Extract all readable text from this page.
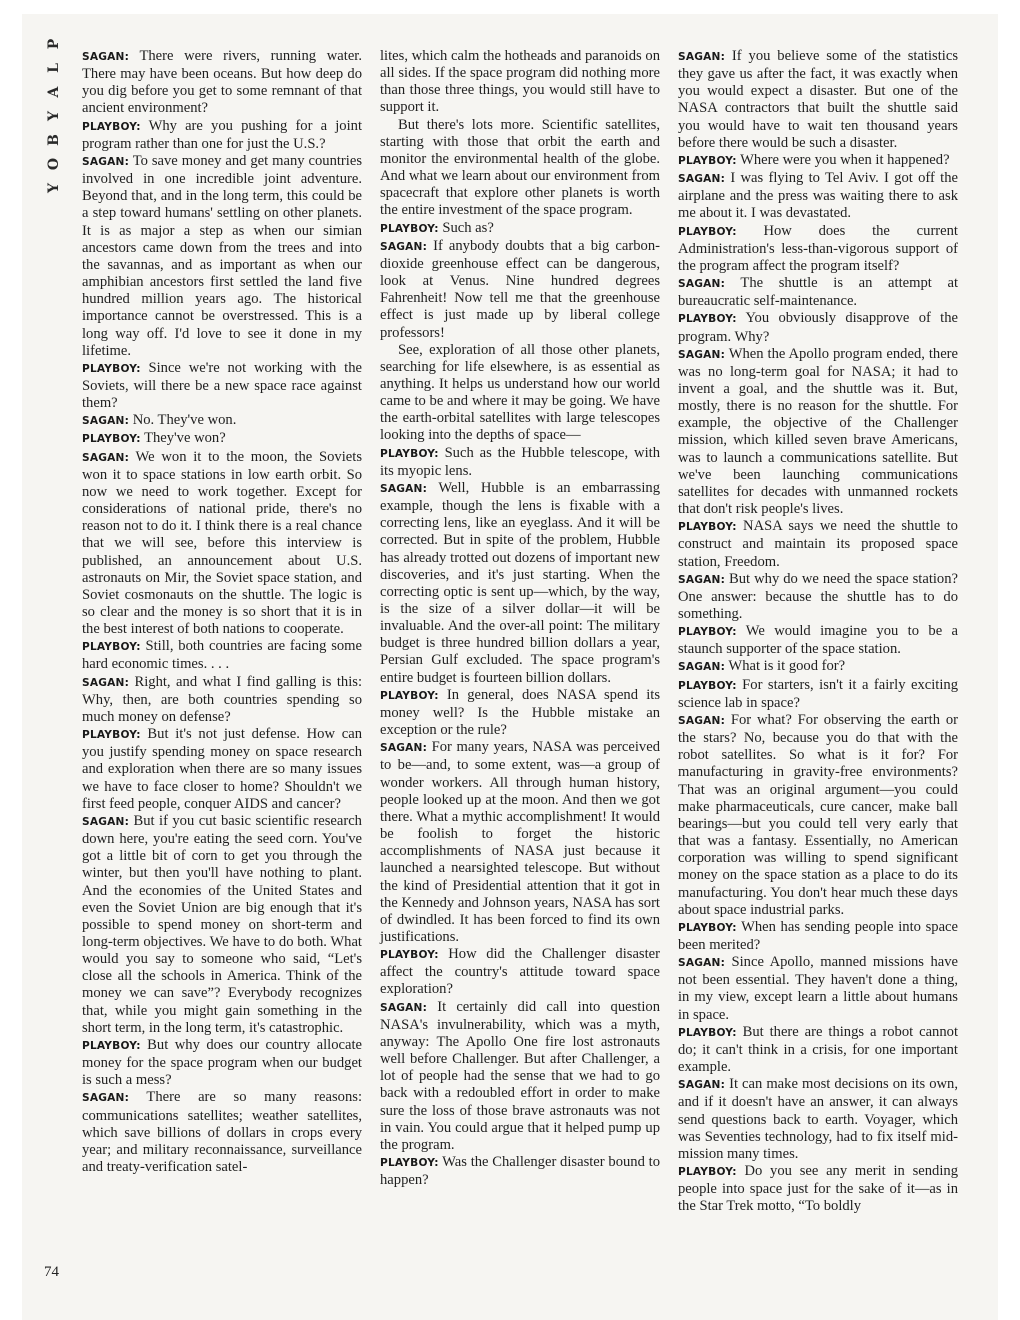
P
L
A
Y
B
O
Y

SAGAN: There were rivers, running water. There may have been oceans. But how deep do you dig before you get to some remnant of that ancient environment?

PLAYBOY: Why are you pushing for a joint program rather than one for just the U.S.?

SAGAN: To save money and get many countries involved in one incredible joint adventure. Beyond that, and in the long term, this could be a step toward humans' settling on other planets. It is as major a step as when our simian ancestors came down from the trees and into the savannas, and as important as when our amphibian ancestors first settled the land five hundred million years ago. The historical importance cannot be overstressed. This is a long way off. I'd love to see it done in my lifetime.

PLAYBOY: Since we're not working with the Soviets, will there be a new space race against them?

SAGAN: No. They've won.

PLAYBOY: They've won?

SAGAN: We won it to the moon, the Soviets won it to space stations in low earth orbit. So now we need to work together. Except for considerations of national pride, there's no reason not to do it. I think there is a real chance that we will see, before this interview is published, an announcement about U.S. astronauts on Mir, the Soviet space station, and Soviet cosmonauts on the shuttle. The logic is so clear and the money is so short that it is in the best interest of both nations to cooperate.

PLAYBOY: Still, both countries are facing some hard economic times. . . .

SAGAN: Right, and what I find galling is this: Why, then, are both countries spending so much money on defense?

PLAYBOY: But it's not just defense. How can you justify spending money on space research and exploration when there are so many issues we have to face closer to home? Shouldn't we first feed people, conquer AIDS and cancer?

SAGAN: But if you cut basic scientific research down here, you're eating the seed corn. You've got a little bit of corn to get you through the winter, but then you'll have nothing to plant. And the economies of the United States and even the Soviet Union are big enough that it's possible to spend money on short-term and long-term objectives. We have to do both. What would you say to someone who said, “Let's close all the schools in America. Think of the money we can save”? Everybody recognizes that, while you might gain something in the short term, in the long term, it's catastrophic.

PLAYBOY: But why does our country allocate money for the space program when our budget is such a mess?

SAGAN: There are so many reasons: communications satellites; weather satellites, which save billions of dollars in crops every year; and military reconnaissance, surveillance and treaty-verification satel-

lites, which calm the hotheads and paranoids on all sides. If the space program did nothing more than those three things, you would still have to support it.

But there's lots more. Scientific satellites, starting with those that orbit the earth and monitor the environmental health of the globe. And what we learn about our environment from spacecraft that explore other planets is worth the entire investment of the space program.

PLAYBOY: Such as?

SAGAN: If anybody doubts that a big carbon-dioxide greenhouse effect can be dangerous, look at Venus. Nine hundred degrees Fahrenheit! Now tell me that the greenhouse effect is just made up by liberal college professors!

See, exploration of all those other planets, searching for life elsewhere, is as essential as anything. It helps us understand how our world came to be and where it may be going. We have the earth-orbital satellites with large telescopes looking into the depths of space—

PLAYBOY: Such as the Hubble telescope, with its myopic lens.

SAGAN: Well, Hubble is an embarrassing example, though the lens is fixable with a correcting lens, like an eyeglass. And it will be corrected. But in spite of the problem, Hubble has already trotted out dozens of important new discoveries, and it's just starting. When the correcting optic is sent up—which, by the way, is the size of a silver dollar—it will be invaluable. And the over-all point: The military budget is three hundred billion dollars a year, Persian Gulf excluded. The space program's entire budget is fourteen billion dollars.

PLAYBOY: In general, does NASA spend its money well? Is the Hubble mistake an exception or the rule?

SAGAN: For many years, NASA was perceived to be—and, to some extent, was—a group of wonder workers. All through human history, people looked up at the moon. And then we got there. What a mythic accomplishment! It would be foolish to forget the historic accomplishments of NASA just because it launched a nearsighted telescope. But without the kind of Presidential attention that it got in the Kennedy and Johnson years, NASA has sort of dwindled. It has been forced to find its own justifications.

PLAYBOY: How did the Challenger disaster affect the country's attitude toward space exploration?

SAGAN: It certainly did call into question NASA's invulnerability, which was a myth, anyway: The Apollo One fire lost astronauts well before Challenger. But after Challenger, a lot of people had the sense that we had to go back with a redoubled effort in order to make sure the loss of those brave astronauts was not in vain. You could argue that it helped pump up the program.

PLAYBOY: Was the Challenger disaster bound to happen?

SAGAN: If you believe some of the statistics they gave us after the fact, it was exactly when you would expect a disaster. But one of the NASA contractors that built the shuttle said you would have to wait ten thousand years before there would be such a disaster.

PLAYBOY: Where were you when it happened?

SAGAN: I was flying to Tel Aviv. I got off the airplane and the press was waiting there to ask me about it. I was devastated.

PLAYBOY: How does the current Administration's less-than-vigorous support of the program affect the program itself?

SAGAN: The shuttle is an attempt at bureaucratic self-maintenance.

PLAYBOY: You obviously disapprove of the program. Why?

SAGAN: When the Apollo program ended, there was no long-term goal for NASA; it had to invent a goal, and the shuttle was it. But, mostly, there is no reason for the shuttle. For example, the objective of the Challenger mission, which killed seven brave Americans, was to launch a communications satellite. But we've been launching communications satellites for decades with unmanned rockets that don't risk people's lives.

PLAYBOY: NASA says we need the shuttle to construct and maintain its proposed space station, Freedom.

SAGAN: But why do we need the space station? One answer: because the shuttle has to do something.

PLAYBOY: We would imagine you to be a staunch supporter of the space station.

SAGAN: What is it good for?

PLAYBOY: For starters, isn't it a fairly exciting science lab in space?

SAGAN: For what? For observing the earth or the stars? No, because you do that with the robot satellites. So what is it for? For manufacturing in gravity-free environments? That was an original argument—you could make pharmaceuticals, cure cancer, make ball bearings—but you could tell very early that that was a fantasy. Essentially, no American corporation was willing to spend significant money on the space station as a place to do its manufacturing. You don't hear much these days about space industrial parks.

PLAYBOY: When has sending people into space been merited?

SAGAN: Since Apollo, manned missions have not been essential. They haven't done a thing, in my view, except learn a little about humans in space.

PLAYBOY: But there are things a robot cannot do; it can't think in a crisis, for one important example.

SAGAN: It can make most decisions on its own, and if it doesn't have an answer, it can always send questions back to earth. Voyager, which was Seventies technology, had to fix itself mid-mission many times.

PLAYBOY: Do you see any merit in sending people into space just for the sake of it—as in the Star Trek motto, “To boldly

74
